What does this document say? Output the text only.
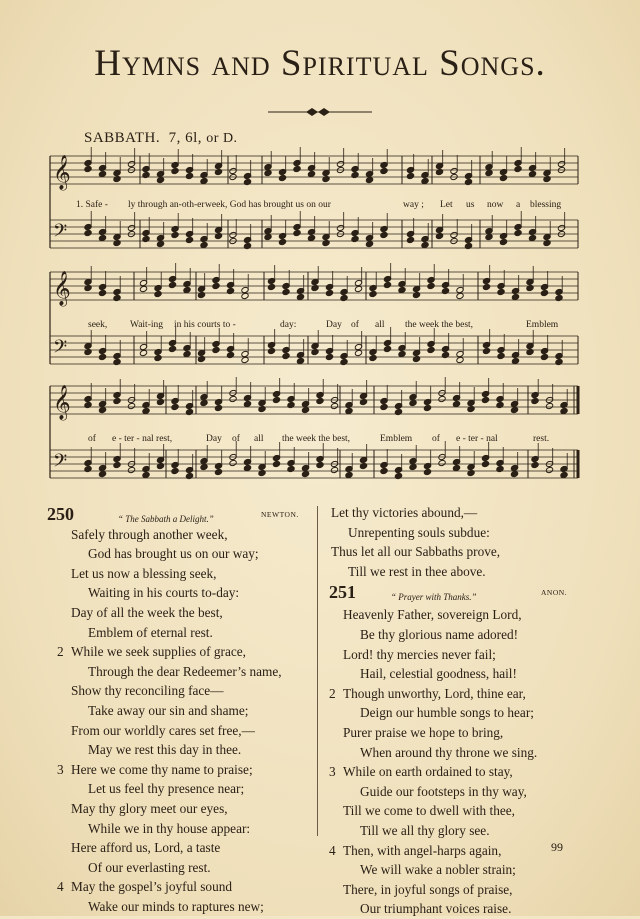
Hymns and Spiritual Songs.
SABBATH. 7, 6l, or D.
𝄞
𝄢
𝄞
𝄢
𝄞
𝄢
1. Safe - ly through an-oth-er week, God has brought us on our	way ; Let us now a blessing
seek, Wait-ing in his courts to -	day:	Day of all the week the best,	Emblem
of e - ter - nal rest,	Day of all the week the best,	Emblem of e - ter - nal	rest.
250	“ The Sabbath a Delight.”	NEWTON.
Safely through another week,
God has brought us on our way;
Let us now a blessing seek,
Waiting in his courts to-day:
Day of all the week the best,
Emblem of eternal rest.
2 While we seek supplies of grace,
Through the dear Redeemer’s name,
Show thy reconciling face—
Take away our sin and shame;
From our worldly cares set free,—
May we rest this day in thee.
3 Here we come thy name to praise;
Let us feel thy presence near;
May thy glory meet our eyes,
While we in thy house appear:
Here afford us, Lord, a taste
Of our everlasting rest.
4 May the gospel’s joyful sound
Wake our minds to raptures new;
Let thy victories abound,—
Unrepenting souls subdue:
Thus let all our Sabbaths prove,
Till we rest in thee above.
251	“ Prayer with Thanks.”	ANON.
Heavenly Father, sovereign Lord,
Be thy glorious name adored!
Lord! thy mercies never fail;
Hail, celestial goodness, hail!
2 Though unworthy, Lord, thine ear,
Deign our humble songs to hear;
Purer praise we hope to bring,
When around thy throne we sing.
3 While on earth ordained to stay,
Guide our footsteps in thy way,
Till we come to dwell with thee,
Till we all thy glory see.
4 Then, with angel-harps again,
We will wake a nobler strain;
There, in joyful songs of praise,
Our triumphant voices raise.
99
